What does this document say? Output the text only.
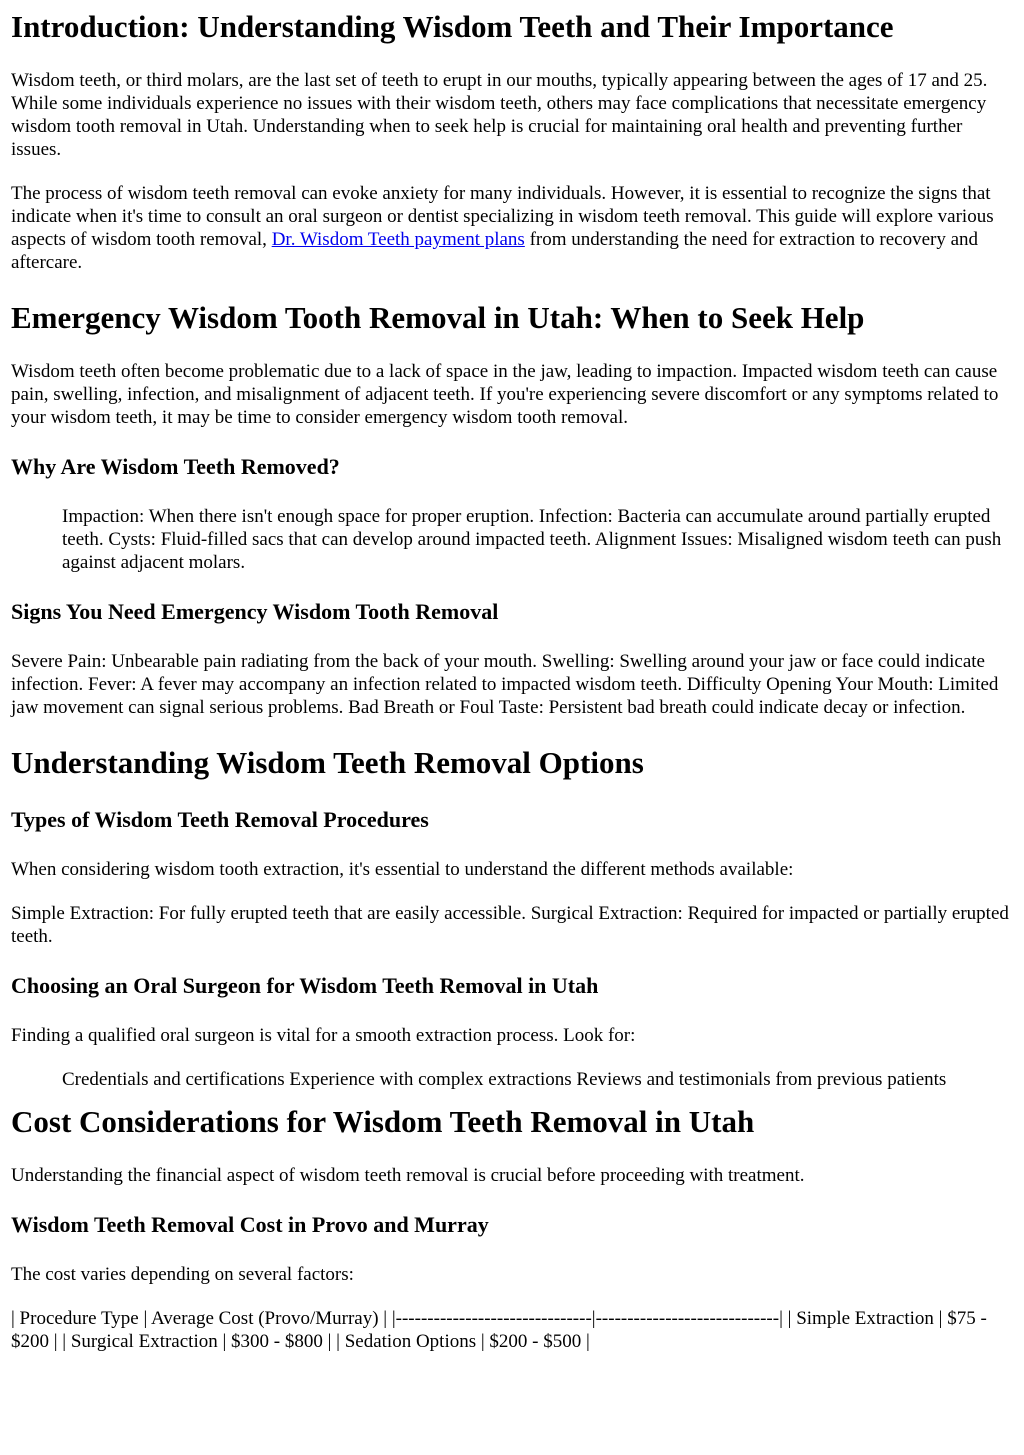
Introduction: Understanding Wisdom Teeth and Their Importance

Wisdom teeth, or third molars, are the last set of teeth to erupt in our mouths, typically appearing between the ages of 17 and 25. While some individuals experience no issues with their wisdom teeth, others may face complications that necessitate emergency wisdom tooth removal in Utah. Understanding when to seek help is crucial for maintaining oral health and preventing further issues.

The process of wisdom teeth removal can evoke anxiety for many individuals. However, it is essential to recognize the signs that indicate when it's time to consult an oral surgeon or dentist specializing in wisdom teeth removal. This guide will explore various aspects of wisdom tooth removal, Dr. Wisdom Teeth payment plans from understanding the need for extraction to recovery and aftercare.

Emergency Wisdom Tooth Removal in Utah: When to Seek Help

Wisdom teeth often become problematic due to a lack of space in the jaw, leading to impaction. Impacted wisdom teeth can cause pain, swelling, infection, and misalignment of adjacent teeth. If you're experiencing severe discomfort or any symptoms related to your wisdom teeth, it may be time to consider emergency wisdom tooth removal.

Why Are Wisdom Teeth Removed?
Impaction: When there isn't enough space for proper eruption. Infection: Bacteria can accumulate around partially erupted teeth. Cysts: Fluid-filled sacs that can develop around impacted teeth. Alignment Issues: Misaligned wisdom teeth can push against adjacent molars.
Signs You Need Emergency Wisdom Tooth Removal

Severe Pain: Unbearable pain radiating from the back of your mouth. Swelling: Swelling around your jaw or face could indicate infection. Fever: A fever may accompany an infection related to impacted wisdom teeth. Difficulty Opening Your Mouth: Limited jaw movement can signal serious problems. Bad Breath or Foul Taste: Persistent bad breath could indicate decay or infection.

Understanding Wisdom Teeth Removal Options
Types of Wisdom Teeth Removal Procedures

When considering wisdom tooth extraction, it's essential to understand the different methods available:

Simple Extraction: For fully erupted teeth that are easily accessible. Surgical Extraction: Required for impacted or partially erupted teeth.

Choosing an Oral Surgeon for Wisdom Teeth Removal in Utah

Finding a qualified oral surgeon is vital for a smooth extraction process. Look for:

Credentials and certifications Experience with complex extractions Reviews and testimonials from previous patients
Cost Considerations for Wisdom Teeth Removal in Utah

Understanding the financial aspect of wisdom teeth removal is crucial before proceeding with treatment.

Wisdom Teeth Removal Cost in Provo and Murray

The cost varies depending on several factors:

| Procedure Type | Average Cost (Provo/Murray) | |-------------------------------|-----------------------------| | Simple Extraction | $75 - $200 | | Surgical Extraction | $300 - $800 | | Sedation Options | $200 - $500 |
